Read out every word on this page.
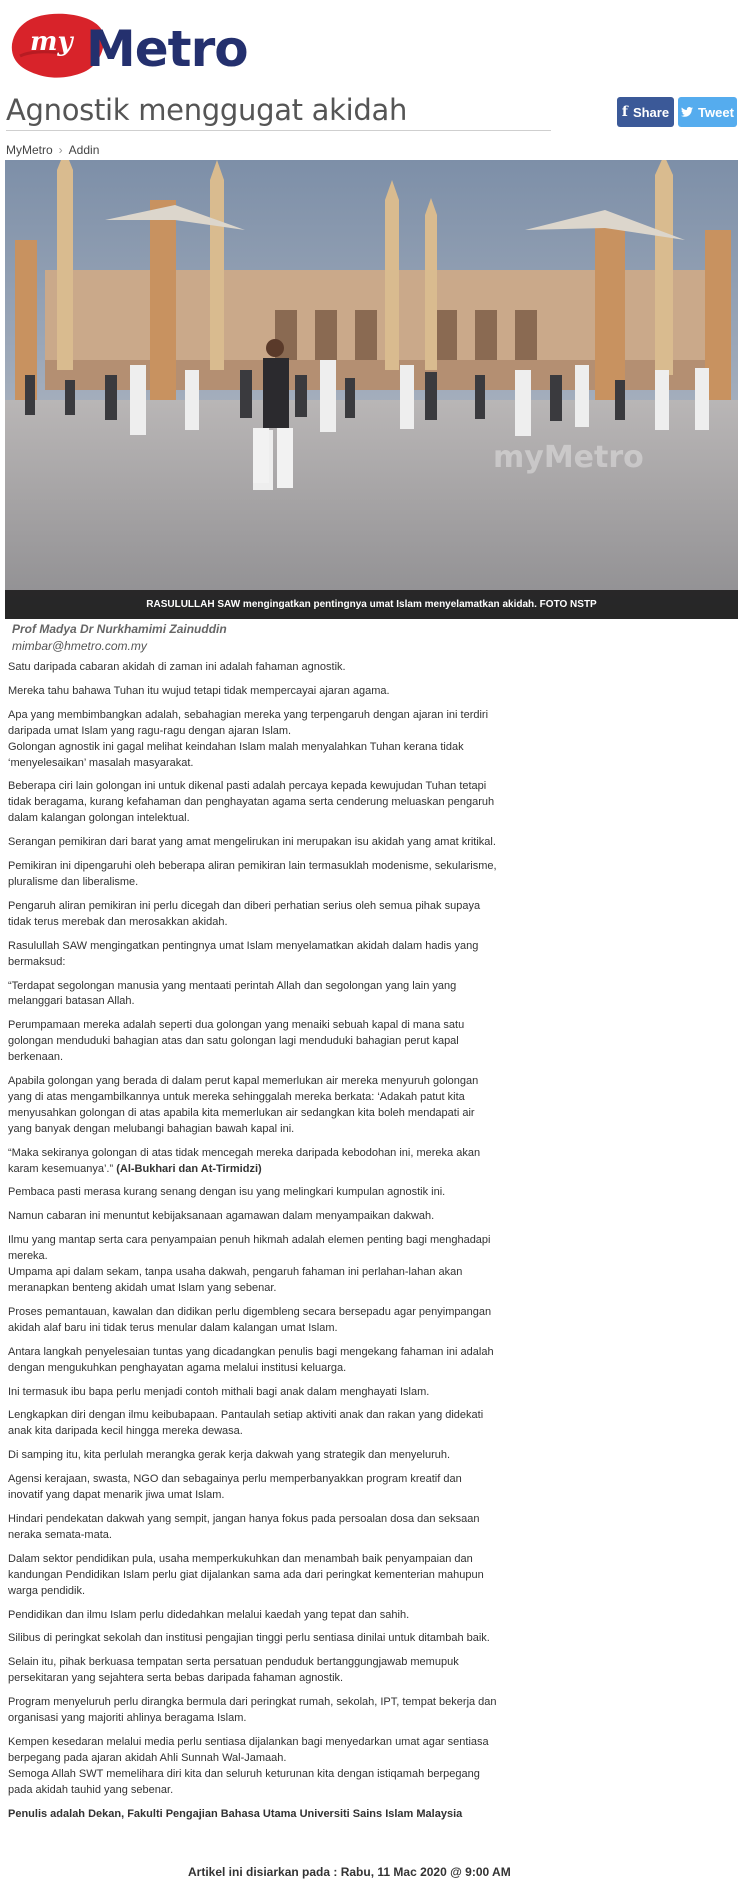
my Metro
Agnostik menggugat akidah	f Share Tweet
MyMetro › Addin
myMetro
RASULULLAH SAW mengingatkan pentingnya umat Islam menyelamatkan akidah. FOTO NSTP
Prof Madya Dr Nurkhamimi Zainuddin
mimbar@hmetro.com.my

Satu daripada cabaran akidah di zaman ini adalah fahaman agnostik.

Mereka tahu bahawa Tuhan itu wujud tetapi tidak mempercayai ajaran agama.

Apa yang membimbangkan adalah, sebahagian mereka yang terpengaruh dengan ajaran ini terdiri daripada umat Islam yang ragu-ragu dengan ajaran Islam.

Golongan agnostik ini gagal melihat keindahan Islam malah menyalahkan Tuhan kerana tidak ‘menyelesaikan’ masalah masyarakat.

Beberapa ciri lain golongan ini untuk dikenal pasti adalah percaya kepada kewujudan Tuhan tetapi tidak beragama, kurang kefahaman dan penghayatan agama serta cenderung meluaskan pengaruh dalam kalangan golongan intelektual.

Serangan pemikiran dari barat yang amat mengelirukan ini merupakan isu akidah yang amat kritikal.

Pemikiran ini dipengaruhi oleh beberapa aliran pemikiran lain termasuklah modenisme, sekularisme, pluralisme dan liberalisme.

Pengaruh aliran pemikiran ini perlu dicegah dan diberi perhatian serius oleh semua pihak supaya tidak terus merebak dan merosakkan akidah.

Rasulullah SAW mengingatkan pentingnya umat Islam menyelamatkan akidah dalam hadis yang bermaksud:

“Terdapat segolongan manusia yang mentaati perintah Allah dan segolongan yang lain yang melanggari batasan Allah.

Perumpamaan mereka adalah seperti dua golongan yang menaiki sebuah kapal di mana satu golongan menduduki bahagian atas dan satu golongan lagi menduduki bahagian perut kapal berkenaan.

Apabila golongan yang berada di dalam perut kapal memerlukan air mereka menyuruh golongan yang di atas mengambilkannya untuk mereka sehinggalah mereka berkata: ‘Adakah patut kita menyusahkan golongan di atas apabila kita memerlukan air sedangkan kita boleh mendapati air yang banyak dengan melubangi bahagian bawah kapal ini.

“Maka sekiranya golongan di atas tidak mencegah mereka daripada kebodohan ini, mereka akan karam kesemuanya’.” (Al-Bukhari dan At-Tirmidzi)

Pembaca pasti merasa kurang senang dengan isu yang melingkari kumpulan agnostik ini.

Namun cabaran ini menuntut kebijaksanaan agamawan dalam menyampaikan dakwah.

Ilmu yang mantap serta cara penyampaian penuh hikmah adalah elemen penting bagi menghadapi mereka.

Umpama api dalam sekam, tanpa usaha dakwah, pengaruh fahaman ini perlahan-lahan akan meranapkan benteng akidah umat Islam yang sebenar.

Proses pemantauan, kawalan dan didikan perlu digembleng secara bersepadu agar penyimpangan akidah alaf baru ini tidak terus menular dalam kalangan umat Islam.

Antara langkah penyelesaian tuntas yang dicadangkan penulis bagi mengekang fahaman ini adalah dengan mengukuhkan penghayatan agama melalui institusi keluarga.

Ini termasuk ibu bapa perlu menjadi contoh mithali bagi anak dalam menghayati Islam.

Lengkapkan diri dengan ilmu keibubapaan. Pantaulah setiap aktiviti anak dan rakan yang didekati anak kita daripada kecil hingga mereka dewasa.

Di samping itu, kita perlulah merangka gerak kerja dakwah yang strategik dan menyeluruh.

Agensi kerajaan, swasta, NGO dan sebagainya perlu memperbanyakkan program kreatif dan inovatif yang dapat menarik jiwa umat Islam.

Hindari pendekatan dakwah yang sempit, jangan hanya fokus pada persoalan dosa dan seksaan neraka semata-mata.

Dalam sektor pendidikan pula, usaha memperkukuhkan dan menambah baik penyampaian dan kandungan Pendidikan Islam perlu giat dijalankan sama ada dari peringkat kementerian mahupun warga pendidik.

Pendidikan dan ilmu Islam perlu didedahkan melalui kaedah yang tepat dan sahih.

Silibus di peringkat sekolah dan institusi pengajian tinggi perlu sentiasa dinilai untuk ditambah baik.

Selain itu, pihak berkuasa tempatan serta persatuan penduduk bertanggungjawab memupuk persekitaran yang sejahtera serta bebas daripada fahaman agnostik.

Program menyeluruh perlu dirangka bermula dari peringkat rumah, sekolah, IPT, tempat bekerja dan organisasi yang majoriti ahlinya beragama Islam.

Kempen kesedaran melalui media perlu sentiasa dijalankan bagi menyedarkan umat agar sentiasa berpegang pada ajaran akidah Ahli Sunnah Wal-Jamaah.

Semoga Allah SWT memelihara diri kita dan seluruh keturunan kita dengan istiqamah berpegang pada akidah tauhid yang sebenar.

Penulis adalah Dekan, Fakulti Pengajian Bahasa Utama Universiti Sains Islam Malaysia

Artikel ini disiarkan pada : Rabu, 11 Mac 2020 @ 9:00 AM
